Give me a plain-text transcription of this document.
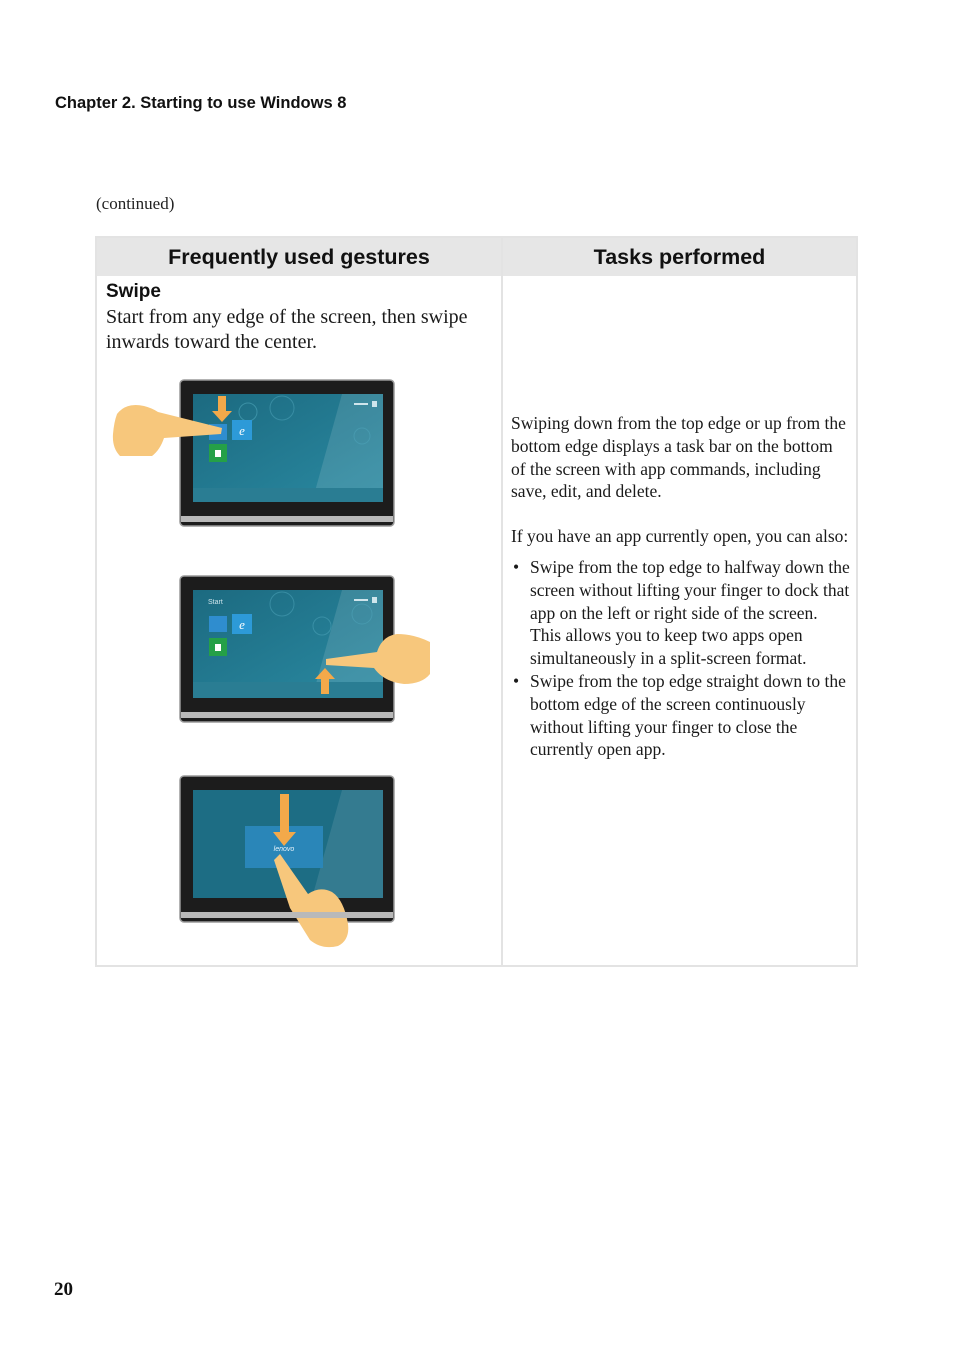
Chapter 2. Starting to use Windows 8
(continued)
Frequently used gestures	Tasks performed
Swipe
Start from any edge of the screen, then swipe inwards toward the center.
e
Start
e
lenovo

Swiping down from the top edge or up from the bottom edge displays a task bar on the bottom of the screen with app commands, including save, edit, and delete.

If you have an app currently open, you can also:

• Swipe from the top edge to halfway down the screen without lifting your finger to dock that app on the left or right side of the screen. This allows you to keep two apps open simultaneously in a split-screen format.
• Swipe from the top edge straight down to the bottom edge of the screen continuously without lifting your finger to close the currently open app.
20
